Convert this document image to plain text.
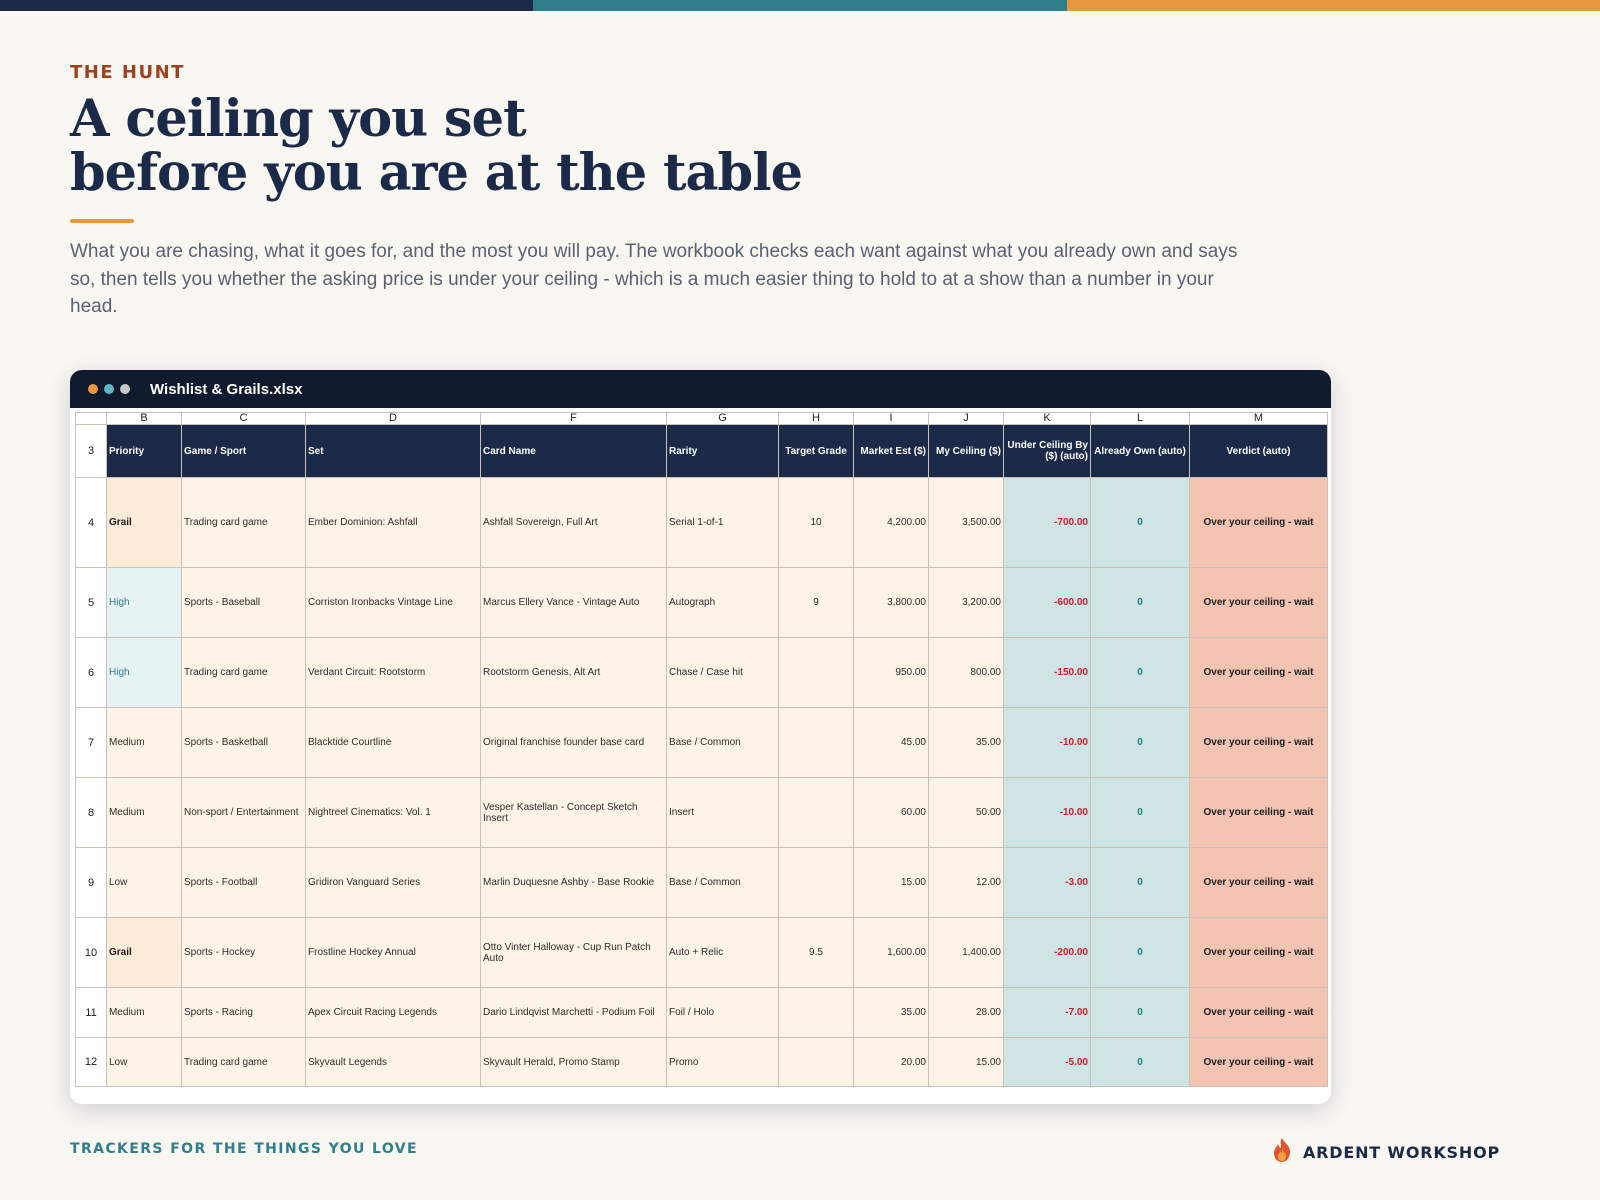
THE HUNT
A ceiling you set
before you are at the table

What you are chasing, what it goes for, and the most you will pay. The workbook checks each want against what you already own and says so, then tells you whether the asking price is under your ceiling - which is a much easier thing to hold to at a show than a number in your head.

Wishlist & Grails.xlsx
	B	C	D	F	G	H	I	J	K	L	M
3	Priority	Game / Sport	Set	Card Name	Rarity	Target Grade	Market Est ($)	My Ceiling ($)	Under Ceiling By ($) (auto)	Already Own (auto)	Verdict (auto)
4	Grail	Trading card game	Ember Dominion: Ashfall	Ashfall Sovereign, Full Art	Serial 1-of-1	10	4,200.00	3,500.00	-700.00	0	Over your ceiling - wait
5	High	Sports - Baseball	Corriston Ironbacks Vintage Line	Marcus Ellery Vance - Vintage Auto	Autograph	9	3,800.00	3,200.00	-600.00	0	Over your ceiling - wait
6	High	Trading card game	Verdant Circuit: Rootstorm	Rootstorm Genesis, Alt Art	Chase / Case hit		950.00	800.00	-150.00	0	Over your ceiling - wait
7	Medium	Sports - Basketball	Blacktide Courtline	Original franchise founder base card	Base / Common		45.00	35.00	-10.00	0	Over your ceiling - wait
8	Medium	Non-sport / Entertainment	Nightreel Cinematics: Vol. 1	Vesper Kastellan - Concept Sketch Insert	Insert		60.00	50.00	-10.00	0	Over your ceiling - wait
9	Low	Sports - Football	Gridiron Vanguard Series	Marlin Duquesne Ashby - Base Rookie	Base / Common		15.00	12.00	-3.00	0	Over your ceiling - wait
10	Grail	Sports - Hockey	Frostline Hockey Annual	Otto Vinter Halloway - Cup Run Patch Auto	Auto + Relic	9.5	1,600.00	1,400.00	-200.00	0	Over your ceiling - wait
11	Medium	Sports - Racing	Apex Circuit Racing Legends	Dario Lindqvist Marchetti - Podium Foil	Foil / Holo		35.00	28.00	-7.00	0	Over your ceiling - wait
12	Low	Trading card game	Skyvault Legends	Skyvault Herald, Promo Stamp	Promo		20.00	15.00	-5.00	0	Over your ceiling - wait
TRACKERS FOR THE THINGS YOU LOVE	ARDENT WORKSHOP
